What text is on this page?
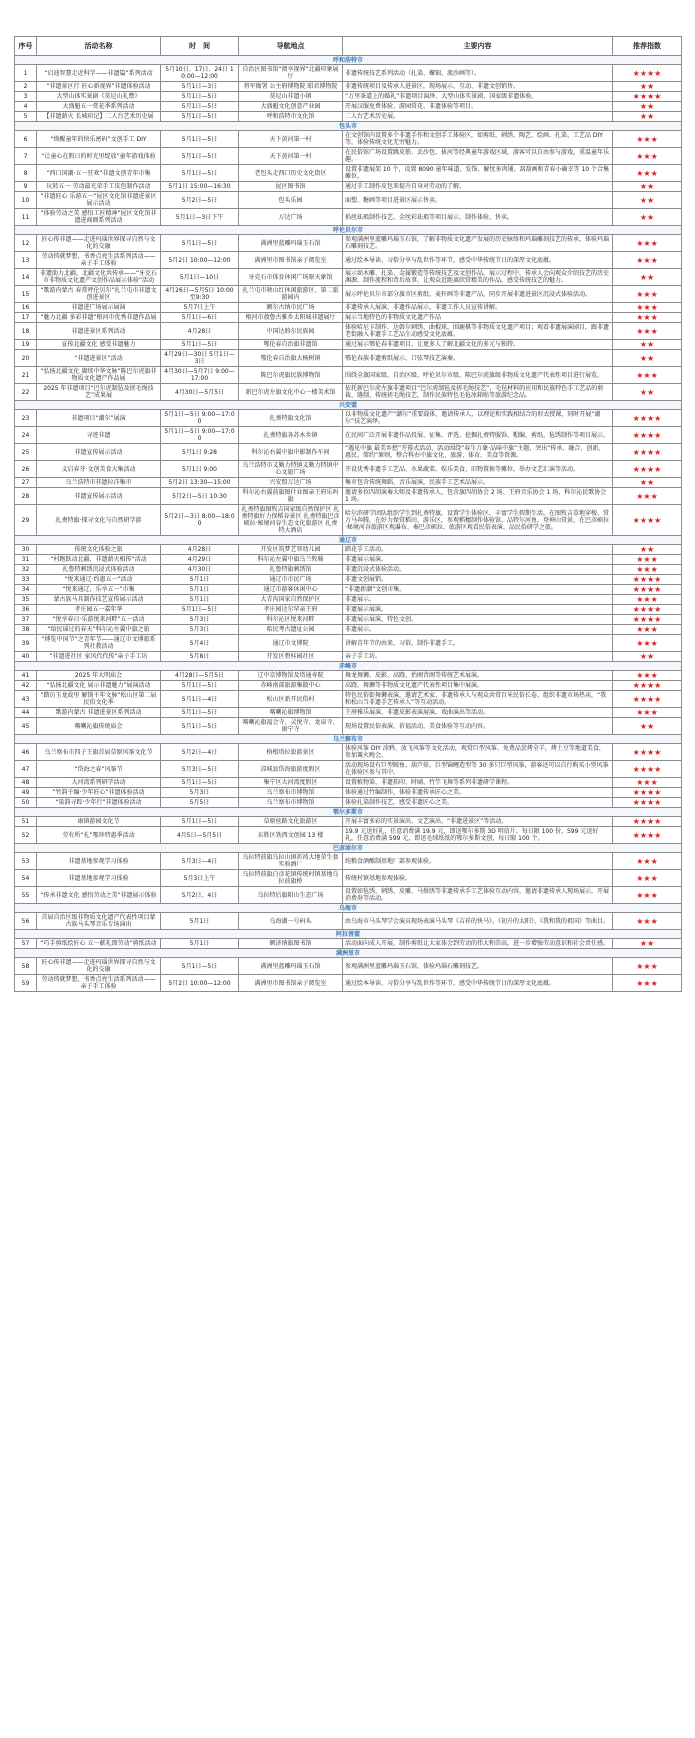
序号	活动名称	时　间	导航地点	主要内容	推荐指数
呼和浩特市					
1	“启迪智慧走近科学——非遗篇”系列活动	5月10日、17日、24日 10:00—12:00	自治区图书馆“阅享视界”北疆印象展厅	非遗传统技艺系列活动（扎染、螺钿、流沙画等）。	★★★★
2	“非遗景区行 匠心新视界”非遗体验活动	5月1日—3日	将军衙署 公主府博物院 昭君博物院	非遗传统项目及传承人进景区，现场展示、互动、非遗文创销售。	★★
3	大型山体实景剧《莫尼山礼赞》	5月1日—5日	莫尼山非遗小镇	“万里茶道上的婚礼”非遗项目演绎、大型山体实景剧、国家级非遗体验。	★★★★
4	大盛魁五一赏花季系列活动	5月1日—5日	大盛魁文化创意产业园	开展汉服免费体验、游园赏花、非遗体验等项目。	★★
5	【非遗薪火 长城印记】二人台艺术历史展	5月1日—5日	呼和浩特市文化馆	二人台艺术历史展。	★★
包头市					
6	“焕醒童年的快乐密码”文创手工 DIY	5月1日—5日	天下黄河第一村	在文创馆内设置多个非遗手作和文创手工体验区，如剪纸、刺绣、陶艺、绘画、扎染、工艺品 DIY 等，体验传统文化无穷魅力。	★★★
7	“让童心在假日的时光里绽放”童年游戏体验	5月1日—5日	天下黄河第一村	在民俗馆广场设置跳皮筋、丢沙包、拔河等经典童年游戏区域，游客可以自由参与游戏，重温童年乐趣。	★★★
8	“西口国潮·五一狂欢”非遗文创青年市集	5月1日—5日	老包头走西口历史文化街区	设置非遗展架 10 个，设置 8090 童年味道、发饰、解忧多肉铺、刮刮画和青春小确幸等 10 个合集摊位。	★★★
9	玩转五一 劳动最光荣手工皮包制作活动	5月1日 15:00—16:30	昆区图书馆	通过手工制作皮包来提升自身对劳动的了解。	★★
10	“非遗匠心 乐游五一”昆区文化馆非遗进景区展示活动	5月2日—5日	包头乐园	面塑、糖画等项目进景区展示售卖。	★★
11	“体验劳动之美 感悟工匠精神”昆区文化馆非遗进商圈系列活动	5月1日—3日下午	万达广场	掐丝珐琅制作技艺、金丝彩珐琅等项目展示、制作体验、售卖。	★★
呼伦贝尔市					
12	匠心传非遗——走进玛瑙世界探寻自然与文化的交融	5月1日—5日	满洲里蓝雕玛瑙玉石馆	参观满洲里蓝雕玛瑙玉石馆，了解非物质文化遗产发展的历史脉络和玛瑙雕刻技艺的传承，体验玛瑙石雕刻技艺。	★★★
13	劳动铸就梦想，书香点亮生活系列活动——亲子手工体验	5月2日 10:00—12:00	满洲里市图书馆亲子阅览室	通过绘本导读、习俗分享与乱世作等环节，感受中华传统节日的深厚文化底蕴。	★★★
14	非遗助力北疆，北疆文化共传承——“牙克石市非物质文化遗产文创作品展示体验”活动	5月1日—10日	牙克石市体育休闲广场原天象馆	展示如木雕、扎染、金属锻造等传统技艺及文创作品，展示过程中，传承人会向观众介绍技艺的历史渊源、制作流程和背后故事，让观众近距离欣赏精美的作品，感受传统技艺的魅力。	★★
15	“歌游内蒙古 春赏呼伦贝尔”扎兰屯市非遗文创进景区	4月26日—5月5日 10:00至9:30	扎兰屯市映山红休闲旅游区、第二旅游园内	展示呼伦贝尔市部分旗市区剪纸、麦秆画等非遗产品，同步开展非遗进景区沉浸式体验活动。	★★★
16	非遗进广场展示展演	5月7日上午	额尔古纳市民广场	非遗传承人展演、非遗作品展示，非遗工作人员宣传讲解。	★★★
17	“魅力北疆 多彩非遗”根河市优秀非遗作品展	5月1日—6日	根河市敖鲁古雅乡太阳城非遗展厅	展示当地特色的非物质文化遗产作品	★★★
18	非遗进景区系列活动	4月28日	中国达斡尔民族园	体验哈尼卡制作、达斡尔刺绣、曲棍球，围鹿棋等非物质文化遗产项目；观看非遗展演剧目，跟非遗老街融入非遗手工艺品生动感受文化底蕴。	★★★
19	宣传北疆文化 感受非遗魅力	5月1日—5日	鄂伦春自治旗非遗馆	通过展示鄂伦春非遗项目，让更多人了解北疆文化的多元与独特。	★★
20	“非遗进景区”活动	4月29日—30日 5月1日—3日	鄂伦春自治旗大杨树镇	鄂伦春族非遗剪纸展示、口弦琴技艺演奏。	★★
21	“弘扬北疆文化 赓续中华文脉”陈巴尔虎旗非物质文化遗产作品展	4月30日—5月7日 9:00—17:00	陈巴尔虎旗民族博物馆	围绕全旗国家级、自治区级、呼伦贝尔市级、陈巴尔虎旗级非物质文化遗产代表性项目进行展览。	★★★
22	2025 年非遗项目“巴尔虎制毡及搓毛绳技艺”成果展	4月30日—5月5日	新巴尔虎左旗文化中心一楼美术馆	依托新巴尔虎左旗非遗项目“巴尔虎制毡及搓毛绳技艺”，毛毡材料的应用和民族特色手工艺品的剪裁、缝制、传统搓毛绳技艺，制作民族特色毛毡冰箱贴等旅游纪念品。	★★
兴安盟					
23	非遗项目“潮尔”展演	5月1日—5日 9:00—17:00	扎赉特旗文化馆	以非物质文化遗产“潮尔”重要载体，邀请传承人，以理论和实践相结合的形式授课，同时开展“潮尔”技艺演绎。	★★★★
24	寻迹非遗	5月1日—5日 9:00—17:00	扎赉特旗各苏木乡镇	在民间广泛开展非遗作品投展、征集、评选、挖掘扎赉特服饰、帽编、剪纸、毡绣制作等项目展示。	★★★★
25	非遗宣传展示活动	5月1日 9:28	科尔沁右翼中旗中影制作车间	“遇见中旗 最美乡愁”开幕式活动，活动围绕“春生万象·品味中旗”主题，突出“传承、融合、创新、惠民、简约”原则，整合科右中旗文化、旅游、体育、美食等资源。	★★★★
26	义启春芽·文创美食大集活动	5月1日 9:00	乌兰浩特市义勤力特镇义勤力特镇中心文旅广场	开设优秀非遗手工艺品、水果蔬菜、娱乐美食、旧物置换等摊位，举办文艺汇演等活动。	★★★★
27	乌兰浩特市非遗拉洋集市	5月2日 13:30—15:00	兴安盟万达广场	集市包含传统舞蹈、音乐展演，民族手工艺术品展示。	★★
28	非遗宣传展示活动	5月2日—5日 10:30	科尔沁右翼前旗图什业图亲王府乐吗旗	邀请多位四胡演奏大师及非遗传承人，包含旗四胡协会 2 场、王府音乐协会 1 场、科尔沁民歌协会 1 场。	★★★
29	扎赉特旗·探寻文化与自然研学游	5月2日—3日 8:00—18:00	扎赉特旗图牧吉国家级自然保护区 扎赉特旗好力保稻谷景区 扎赉特旗巴彦硕拉·秘境河谷生态文化旅游区 扎赉特大酒店	哈尔滨研学团队组织学生到扎赉特旗，设置学生体验区，丰富学生假期生活。在图牧吉草地穿梭、赏万马奔腾，在好力保赏稻田、游乐区，参观稻穗制作体验馆、品特尔河鱼，登神山赏景，在巴彦硕拉·秘境河谷旅游区观瀑布、奏巴彦硕拉、旅游区观看民俗表演、品民俗研学之旅。	★★★★
通辽市					
30	传统文化体验之旅	4月28日	开发区筑梦艺智幼儿园	踏花手工活动。	★★
31	“村跑跃动北疆，非遗薪火相传”活动	4月29日	科尔沁左翼中旗乌兰牧骑	非遗展示展演。	★★★
32	扎鲁特刺绣沉浸式体验活动	4月30日	扎鲁特旗刺绣馆	非遗沉浸式体验活动。	★★★
33	“悦来通辽·约惠五一”活动	5月1日	通辽市市民广场	非遗文创展销。	★★★★
34	“悦来通辽，乐享五一”市集	5月1日	通辽市游客休闲中心	“非遗新潮”文创市集。	★★★★
35	蒙古族马具制作技艺宣传展示活动	5月1日	大青沟国家自然保护区	非遗展示。	★★★
36	孝庄园五一嘉年华	5月1日—5日	孝庄园达尔罕亲王府	非遗展示展演。	★★★★
37	“悦享春日·乐游悦来河畔”五一活动	5月3日	科尔沁区悦来河畔	非遗展示展演、特色文创。	★★★★
38	“给民谣过的春天”科尔沁左翼中旗之旅	5月3日	哈民考古遗址公园	非遗展示。	★★★
39	“博览中国节”之青年节——通辽市文博旅系列社教活动	5月4日	通辽市文博院	讲解青年节的由来、习俗，制作非遗手工。	★★★
40	“非遗进社区 家风代代传”亲子手工坊	5月8日	开发区碧桂园社区	亲子手工坊。	★★
赤峰市					
41	2025 年大明庙会	4月28日—5月5日	辽中京博物馆及塔通寿院	舞龙舞狮、皮影、高跷、抬阁背阁等传统艺术展演。	★★★
42	“弘扬北疆文化 展示非遗魅力”展演活动	5月1日—5日	赤峰南部旅游集散中心	高跷、舞狮等非物质文化遗产代表性项目集中展演。	★★★★
43	“踏访玉龙故里 解锁千年文脉”松山区第二届民俗文化季	5月1日—4日	松山区新开民俗村	特色民俗街舞狮表演，邀请艺术家、非遗传承人与观众共赏百米民俗长卷，组织非遗市场热卖，“我和松山当非遗手艺传承人”等互动活动。	★★★★
44	歌游内蒙古 非遗进景区系列活动	5月1日—5日	喀喇沁旗博物馆	王府雅乐展演、非遗皮影表演展演、戏曲演出等活动。	★★★
45	喀喇沁旗传统庙会	5月1日—5日	喀喇沁旗福会寺、灵悦寺、龙泉寺、康宁寺	现场设置民俗表演、祈福活动，美食体验等互动内容。	★★
乌兰察布市					
46	乌兰察布市四子王旗首届草原风筝文化节	5月2日—4日	格根塔拉旅游景区	体验风筝 DIY 涂鸦、放飞风筝等文化活动，观赏巨型风筝、免费品尝烤全羊，烤土豆等地道美食，参加篝火晚会。	★★★★
47	“岱海之春”风筝节	5月3日—5日	凉城县岱海旅游度假区	活动现场设有巨型鲸鱼、葫芦娃、巨型锦鲤造型等 30 多只巨型风筝，游客还可以自行购买小型风筝在体验区参与其中。	★★★★
48	大河湾系列研学活动	5月1日—5日	集宁区大河湾度假区	设置植物染、非遗拓印、时刷、竹竿飞舞等系列非遗研学课程。	★★★
49	“竹韵千编·少年匠心”非遗体验活动	5月3日	乌兰察布市博物馆	体验通过竹编制作，体验非遗传承匠心之美。	★★★★
50	“染韵寻踪·少年行”非遗体验活动	5月5日	乌兰察布市博物馆	体验扎染制作技艺，感受非遗匠心之美。	★★★★
鄂尔多斯市					
51	康镇游园文化节	5月1日—5日	草原丝路文化旅游区	开展丰富多彩的实景演出、文艺演出、“非遗进景区”等活动。	★★★★
52	劳有所“礼”鄂珍特惠季活动	4月5日—5月5日	东胜区铁西文创园 13 楼	19.9 元送好礼，任意消费满 19.9 元，即送鄂尔多斯 3D 明信片。每日限 100 份，599 元送好礼，任意消费满 599 元，即送毛绒纸纸的鄂尔多斯文创，每日限 100 个。	★★★★
巴彦淖尔市					
53	非遗基地参观学习体验	5月3日—4日	乌拉特前旗乌拉山镇祈祷大地荣生套实验酒厂	纯粮食酒酿制基地厂部参观体验。	★★★
54	非遗基地参观学习体验	5月3日上午	乌拉特前旗白彦花镇传统村镇基地乌拉前旗桥	传统村镇基地参观体验。	★★★
55	“传承非遗文化 感悟劳动之美”非遗展示体验	5月2日、4日	乌拉特后旗阳山生态广场	设置如毡绣、刺绣、皮雕、马鬃绣等非遗传承手工艺体验互动内容，邀请非遗传承人现场展示，开展消费券等活动。	★★★
乌海市					
56	首届自治区级非物质文化遗产代表性项目蒙古族马头琴音乐专场演出	5月1日	乌海湖一号码头	由乌海市马头琴学会演员现场表演马头琴《吉祥的快马》、《初升的太阳》、《我和我的祖国》等曲目。	★★★
阿拉善盟					
57	“巧手剪纸绘匠心 五一献礼颂劳动”剪纸活动	5月1日	额济纳旗图书馆	活动面向成人开展，制作剪纸让大家体会到劳动的伟大和崇高，进一步增强劳动意识和社会责任感。	★★
满洲里市					
58	匠心传非遗——走进玛瑙世界探寻自然与文化的交融	5月1日—5日	满洲里蓝雕玛瑙玉石馆	参观满洲里蓝雕玛瑙玉石馆，体验玛瑙石雕刻技艺。	★★★
59	劳动铸就梦想，书香点亮生活系列活动——亲子手工体验	5月2日 10:00—12:00	满洲里市图书馆亲子阅览室	通过绘本导读、习俗分享与乱世作等环节，感受中华传统节日的深厚文化底蕴。	★★★
